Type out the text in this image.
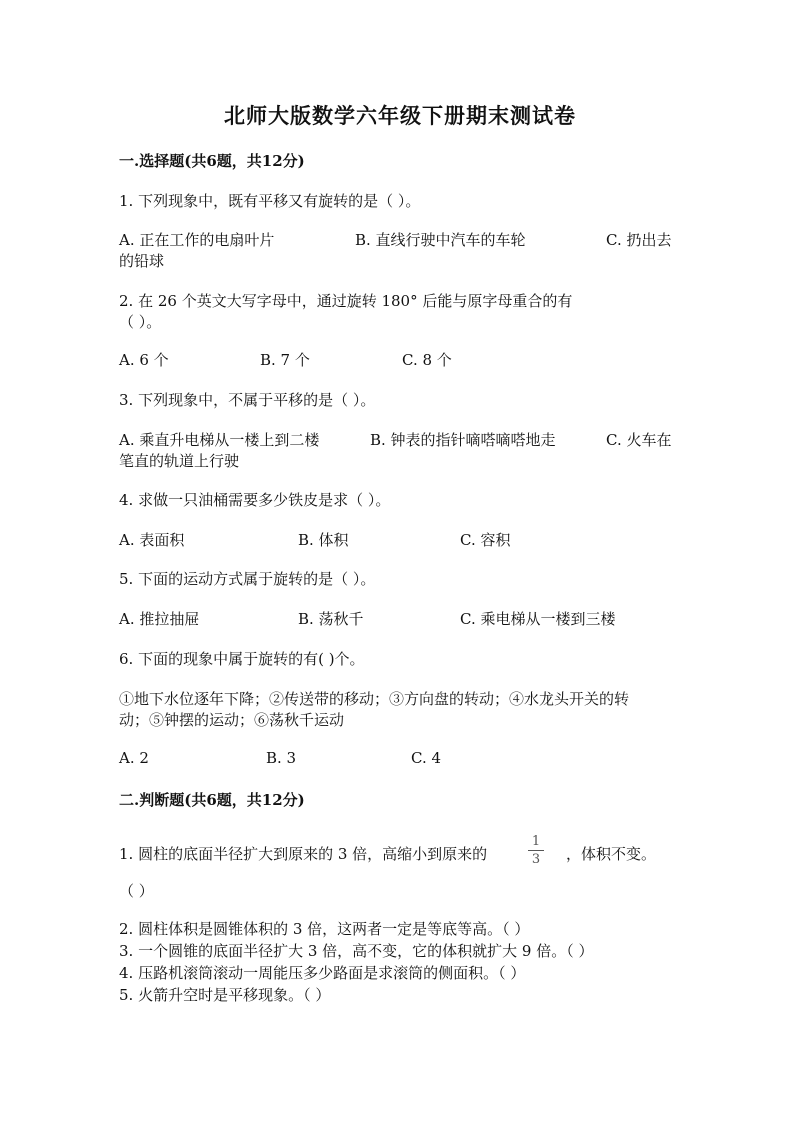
北师大版数学六年级下册期末测试卷
一.选择题(共6题，共12分)
1. 下列现象中，既有平移又有旋转的是（ ）。
A. 正在工作的电扇叶片	B. 直线行驶中汽车的车轮	C. 扔出去
的铅球
2. 在 26 个英文大写字母中，通过旋转 180° 后能与原字母重合的有
（ ）。
A. 6 个	B. 7 个	C. 8 个
3. 下列现象中，不属于平移的是（ ）。
A. 乘直升电梯从一楼上到二楼	B. 钟表的指针嘀嗒嘀嗒地走	C. 火车在
笔直的轨道上行驶
4. 求做一只油桶需要多少铁皮是求（ ）。
A. 表面积	B. 体积	C. 容积
5. 下面的运动方式属于旋转的是（ ）。
A. 推拉抽屉	B. 荡秋千	C. 乘电梯从一楼到三楼
6. 下面的现象中属于旋转的有( )个。
①地下水位逐年下降；②传送带的移动；③方向盘的转动；④水龙头开关的转
动；⑤钟摆的运动；⑥荡秋千运动
A. 2	B. 3	C. 4
二.判断题(共6题，共12分)
1. 圆柱的底面半径扩大到原来的 3 倍，高缩小到原来的
1
3 ，体积不变。
（ ）
2. 圆柱体积是圆锥体积的 3 倍，这两者一定是等底等高。（ ）
3. 一个圆锥的底面半径扩大 3 倍，高不变，它的体积就扩大 9 倍。（ ）
4. 压路机滚筒滚动一周能压多少路面是求滚筒的侧面积。（ ）
5. 火箭升空时是平移现象。（ ）
